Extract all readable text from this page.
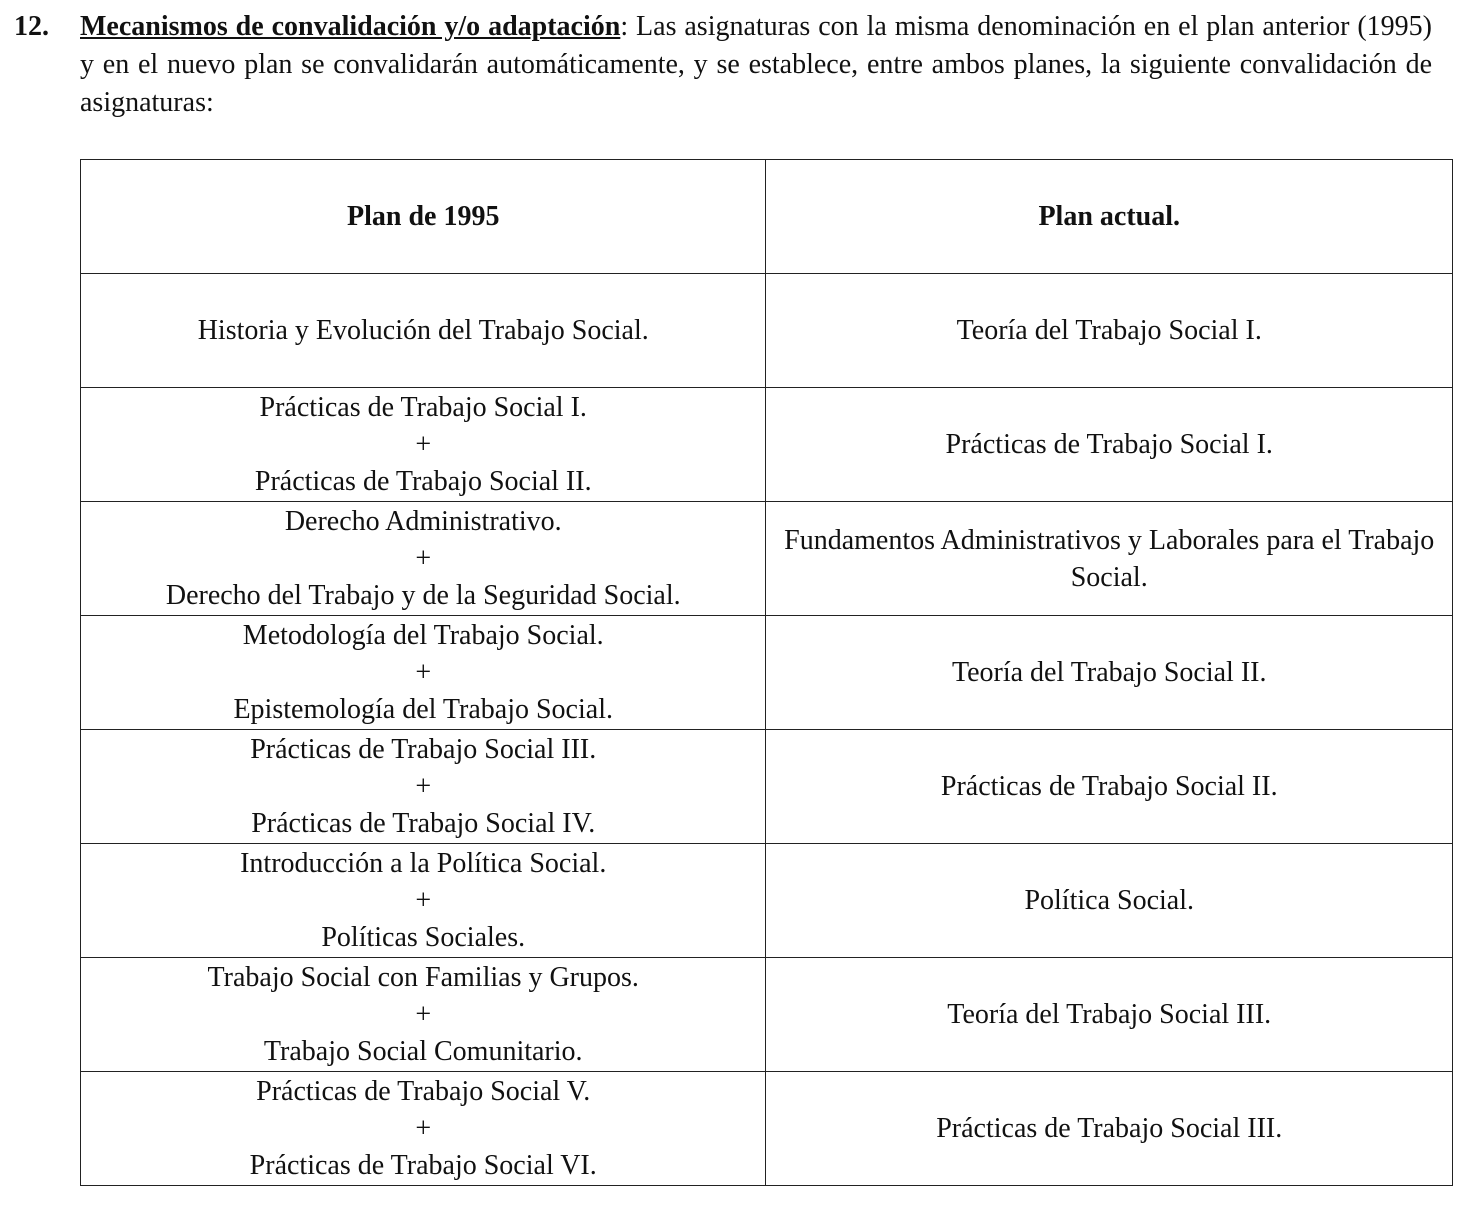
12. Mecanismos de convalidación y/o adaptación: Las asignaturas con la misma denominación en el plan anterior (1995) y en el nuevo plan se convalidarán automáticamente, y se establece, entre ambos planes, la siguiente convalidación de asignaturas:
Plan de 1995	Plan actual.

Historia y Evolución del Trabajo Social.	Teoría del Trabajo Social I.

Prácticas de Trabajo Social I.
+
Prácticas de Trabajo Social II.	Prácticas de Trabajo Social I.

Derecho Administrativo.
+
Derecho del Trabajo y de la Seguridad Social.	Fundamentos Administrativos y Laborales para el Trabajo Social.

Metodología del Trabajo Social.
+
Epistemología del Trabajo Social.	Teoría del Trabajo Social II.

Prácticas de Trabajo Social III.
+
Prácticas de Trabajo Social IV.	Prácticas de Trabajo Social II.

Introducción a la Política Social.
+
Políticas Sociales.	Política Social.

Trabajo Social con Familias y Grupos.
+
Trabajo Social Comunitario.	Teoría del Trabajo Social III.

Prácticas de Trabajo Social V.
+
Prácticas de Trabajo Social VI.	Prácticas de Trabajo Social III.
